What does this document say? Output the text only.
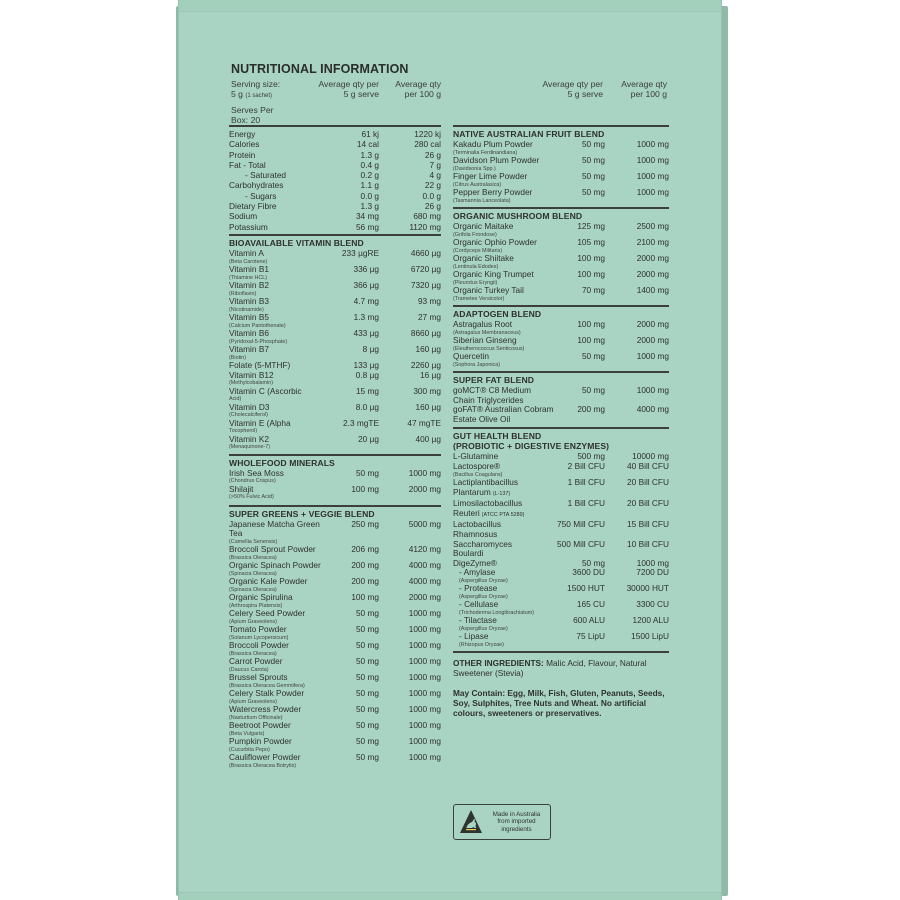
NUTRITIONAL INFORMATION
Serving size:
5 g (1 sachet)
Serves Per
Box: 20
Average qty per
5 g serve
Average qty
per 100 g
Average qty per
5 g serve
Average qty
per 100 g
Energy	61 kj	1220 kj
Calories	14 cal	280 cal
Protein	1.3 g	26 g
Fat - Total	0.4 g	7 g
- Saturated	0.2 g	4 g
Carbohydrates	1.1 g	22 g
- Sugars	0.0 g	0.0 g
Dietary Fibre	1.3 g	26 g
Sodium	34 mg	680 mg
Potassium	56 mg	1120 mg
BIOAVAILABLE VITAMIN BLEND
Vitamin A
(Beta Carotene)
233 µgRE	4660 µg
Vitamin B1
(Thiamine HCL)
336 µg	6720 µg
Vitamin B2
(Riboflavin)
366 µg	7320 µg
Vitamin B3
(Nicotinamide)
4.7 mg	93 mg
Vitamin B5
(Calcium Pantothenate)
1.3 mg	27 mg
Vitamin B6
(Pyridoxal-5-Phosphate)
433 µg	8660 µg
Vitamin B7
(Biotin)
8 µg	160 µg
Folate (5-MTHF)	133 µg	2260 µg
Vitamin B12
(Methylcobalamin)
0.8 µg	16 µg
Vitamin C (Ascorbic
Acid)
15 mg	300 mg
Vitamin D3
(Cholecalciferol)
8.0 µg	160 µg
Vitamin E (Alpha
Tocopherol)
2.3 mgTE	47 mgTE
Vitamin K2
(Menaquinone-7)
20 µg	400 µg
WHOLEFOOD MINERALS
Irish Sea Moss
(Chondrus Crispus)
50 mg	1000 mg
Shilajit
(>50% Fulvic Acid)
100 mg	2000 mg
SUPER GREENS + VEGGIE BLEND
Japanese Matcha Green Tea
(Camellia Senensis)
250 mg	5000 mg
Broccoli Sprout Powder
(Brassica Oleracea)
206 mg	4120 mg
Organic Spinach Powder
(Spinacia Oleracea)
200 mg	4000 mg
Organic Kale Powder
(Spinacia Oleracea)
200 mg	4000 mg
Organic Spirulina
(Arthrospira Platensis)
100 mg	2000 mg
Celery Seed Powder
(Apium Graveolens)
50 mg	1000 mg
Tomato Powder
(Solanum Lycopersicum)
50 mg	1000 mg
Broccoli Powder
(Brassica Oleracea)
50 mg	1000 mg
Carrot Powder
(Daucus Carota)
50 mg	1000 mg
Brussel Sprouts
(Brassica Oleracea Gemmifera)
50 mg	1000 mg
Celery Stalk Powder
(Apium Graveolens)
50 mg	1000 mg
Watercress Powder
(Nasturtium Officinale)
50 mg	1000 mg
Beetroot Powder
(Beta Vulgaris)
50 mg	1000 mg
Pumpkin Powder
(Cucurbita Pepo)
50 mg	1000 mg
Cauliflower Powder
(Brassica Oleracea Botrytis)
50 mg	1000 mg
NATIVE AUSTRALIAN FRUIT BLEND
Kakadu Plum Powder
(Terminalia Ferdinandiana)
50 mg	1000 mg
Davidson Plum Powder
(Davidsonia Spp.)
50 mg	1000 mg
Finger Lime Powder
(Citrus Australasica)
50 mg	1000 mg
Pepper Berry Powder
(Tasmannia Lanceolata)
50 mg	1000 mg
ORGANIC MUSHROOM BLEND
Organic Maitake
(Grifola Frondose)
125 mg	2500 mg
Organic Ophio Powder
(Cordyceps Militaris)
105 mg	2100 mg
Organic Shiitake
(Lentinula Edodes)
100 mg	2000 mg
Organic King Trumpet
(Pleurotus Eryngii)
100 mg	2000 mg
Organic Turkey Tail
(Trametes Versicolor)
70 mg	1400 mg
ADAPTOGEN BLEND
Astragalus Root
(Astragalus Membranaceus)
100 mg	2000 mg
Siberian Ginseng
(Eleutherococcus Senticosus)
100 mg	2000 mg
Quercetin
(Sophora Japonica)
50 mg	1000 mg
SUPER FAT BLEND
goMCT® C8 Medium
Chain Triglycerides
50 mg	1000 mg
goFAT® Australian Cobram
Estate Olive Oil
200 mg	4000 mg
GUT HEALTH BLEND
(PROBIOTIC + DIGESTIVE ENZYMES)
L-Glutamine	500 mg	10000 mg
Lactospore®
(Bacillus Coagulans)
2 Bill CFU	40 Bill CFU
Lactiplantibacillus
Plantarum (L-137)
1 Bill CFU	20 Bill CFU
Limosilactobacillus
Reuteri (ATCC PTA 5289)
1 Bill CFU	20 Bill CFU
Lactobacillus
Rhamnosus
750 Mill CFU	15 Bill CFU
Saccharomyces
Boulardi
500 Mill CFU	10 Bill CFU
DigeZyme®	50 mg	1000 mg
- Amylase
(Aspergillus Oryzae)
3600 DU	7200 DU
- Protease
(Aspergillus Oryzae)
1500 HUT	30000 HUT
- Cellulase
(Trichoderma Longibrachiatum)
165 CU	3300 CU
- Tilactase
(Aspergillus Oryzae)
600 ALU	1200 ALU
- Lipase
(Rhizopus Oryzae)
75 LipU	1500 LipU
OTHER INGREDIENTS: Malic Acid, Flavour, Natural Sweetener (Stevia)
May Contain: Egg, Milk, Fish, Gluten, Peanuts, Seeds, Soy, Sulphites, Tree Nuts and Wheat. No artificial colours, sweeteners or preservatives.
Made in Australia
from imported
ingredients
